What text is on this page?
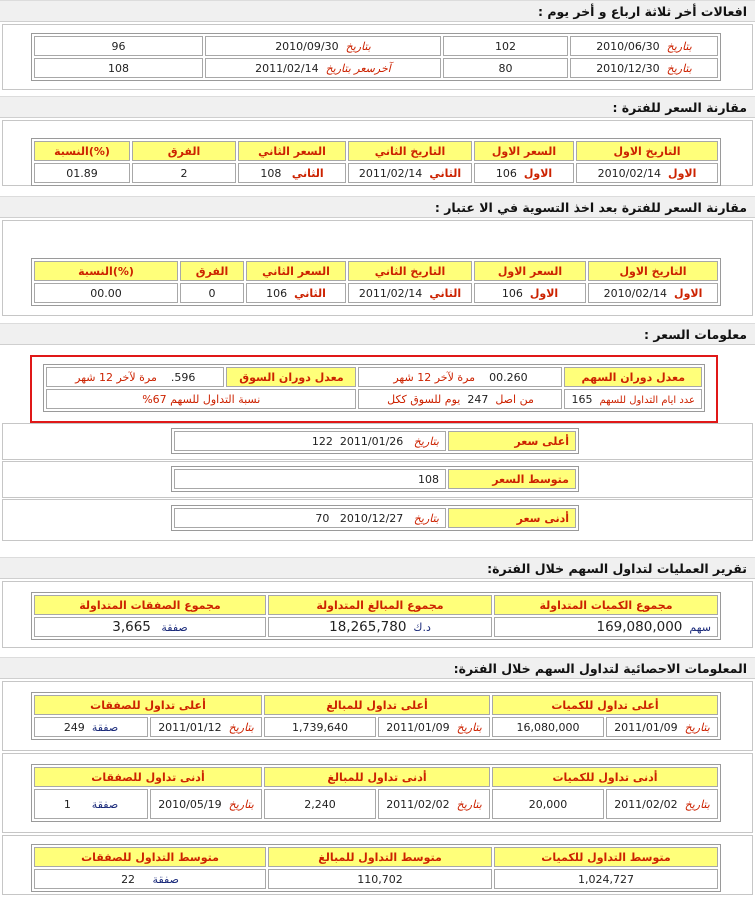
افعالات أخر ثلاثة ارباع و أخر يوم :
بتاريخ  2010/06/30	102	بتاريخ  2010/09/30	96
بتاريخ  2010/12/30	80	آخرسعر بتاريخ  2011/02/14	108
مقارنة السعر للفترة :
التاريخ الاول	السعر الاول	التاريخ الثاني	السعر الثاني	الفرق	(%)النسبة
الاول  2010/02/14	الاول  106	الثاني  2011/02/14	الثاني   108	2	01.89
مقارنة السعر للفترة بعد اخذ التسوية في الا عتبار :
التاريخ الاول	السعر الاول	التاريخ الثاني	السعر الثاني	الفرق	(%)النسبة
الاول  2010/02/14	الاول  106	الثاني  2011/02/14	الثاني  106	0	00.00
معلومات السعر :
معدل دوران السهم	00.260    مرة لآخر 12 شهر	معدل دوران السوق	596.    مرة لآخر 12 شهر
عدد ايام التداول للسهم  165	من اصل  247  يوم للسوق ككل	نسبة التداول للسهم 67%	
أعلى سعر	بتاريخ   2011/01/26  122
متوسط السعر	108
أدنى سعر	بتاريخ   2010/12/27   70
تقرير العمليات لتداول السهم خلال الفترة:
مجموع الكميات المتداولة	مجموع المبالغ المتداولة	مجموع الصفقات المتداولة
سهم  169,080,000	د.ك  18,265,780	صفقة   3,665
المعلومات الاحصائية لتداول السهم خلال الفترة:
أعلى تداول للكميات		أعلى تداول للمبالغ		أعلى تداول للصفقات	
بتاريخ  2011/01/09	16,080,000	بتاريخ  2011/01/09	1,739,640	بتاريخ  2011/01/12	صفقة  249
أدنى تداول للكميات		أدنى تداول للمبالغ		أدنى تداول للصفقات	
بتاريخ  2011/02/02	20,000	بتاريخ  2011/02/02	2,240	بتاريخ  2010/05/19	صفقة      1
متوسط التداول للكميات	متوسط التداول للمبالغ	متوسط التداول للصفقات
1,024,727	110,702	صفقة     22
